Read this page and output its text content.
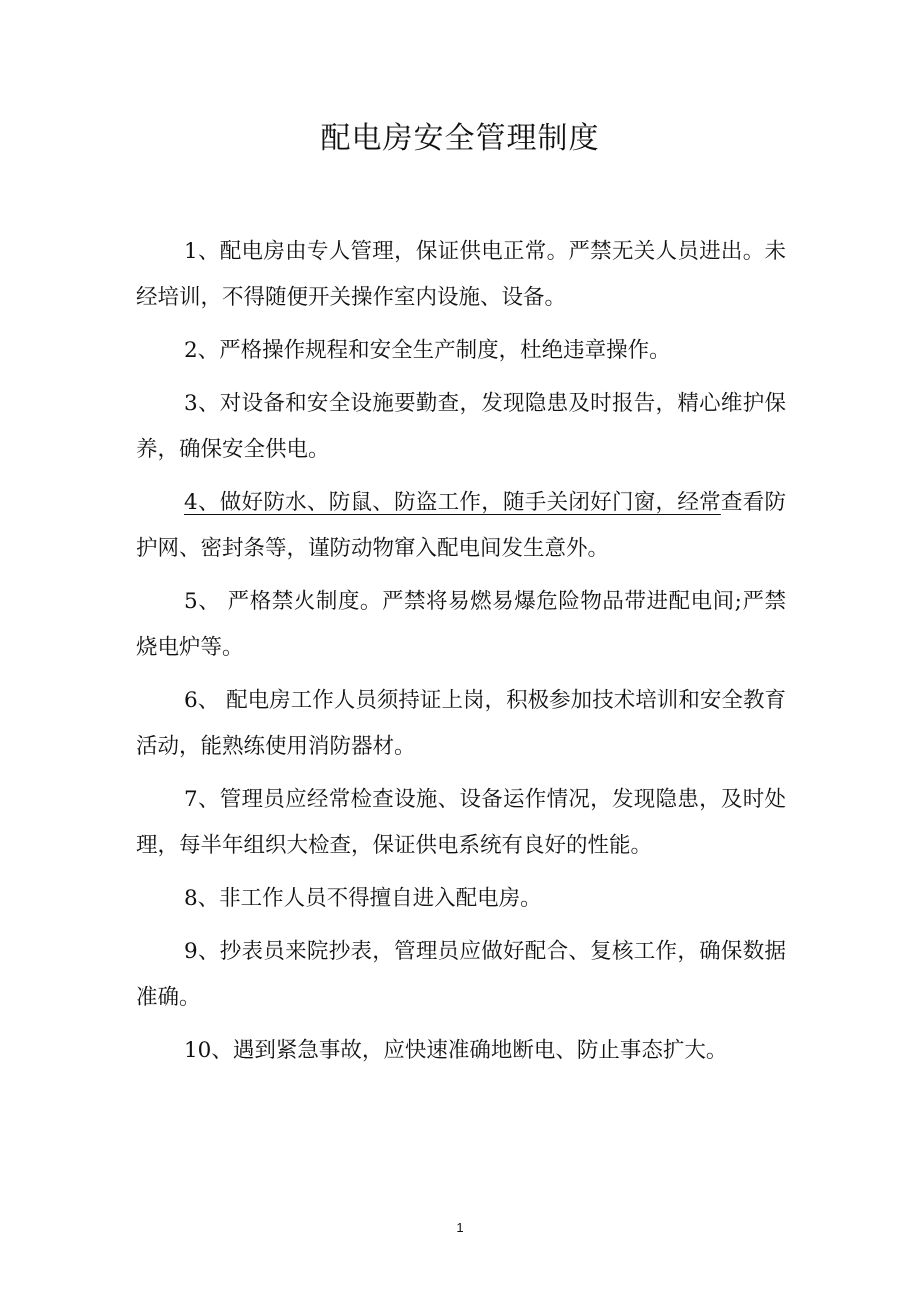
配电房安全管理制度

1、配电房由专人管理，保证供电正常。严禁无关人员进出。未经培训，不得随便开关操作室内设施、设备。

2、严格操作规程和安全生产制度，杜绝违章操作。

3、对设备和安全设施要勤查，发现隐患及时报告，精心维护保养，确保安全供电。

4、做好防水、防鼠、防盗工作，随手关闭好门窗，经常查看防护网、密封条等，谨防动物窜入配电间发生意外。

5、 严格禁火制度。严禁将易燃易爆危险物品带进配电间;严禁烧电炉等。

6、 配电房工作人员须持证上岗，积极参加技术培训和安全教育活动，能熟练使用消防器材。

7、管理员应经常检查设施、设备运作情况，发现隐患，及时处理，每半年组织大检查，保证供电系统有良好的性能。

8、非工作人员不得擅自进入配电房。

9、抄表员来院抄表，管理员应做好配合、复核工作，确保数据准确。

10、遇到紧急事故，应快速准确地断电、防止事态扩大。

1
